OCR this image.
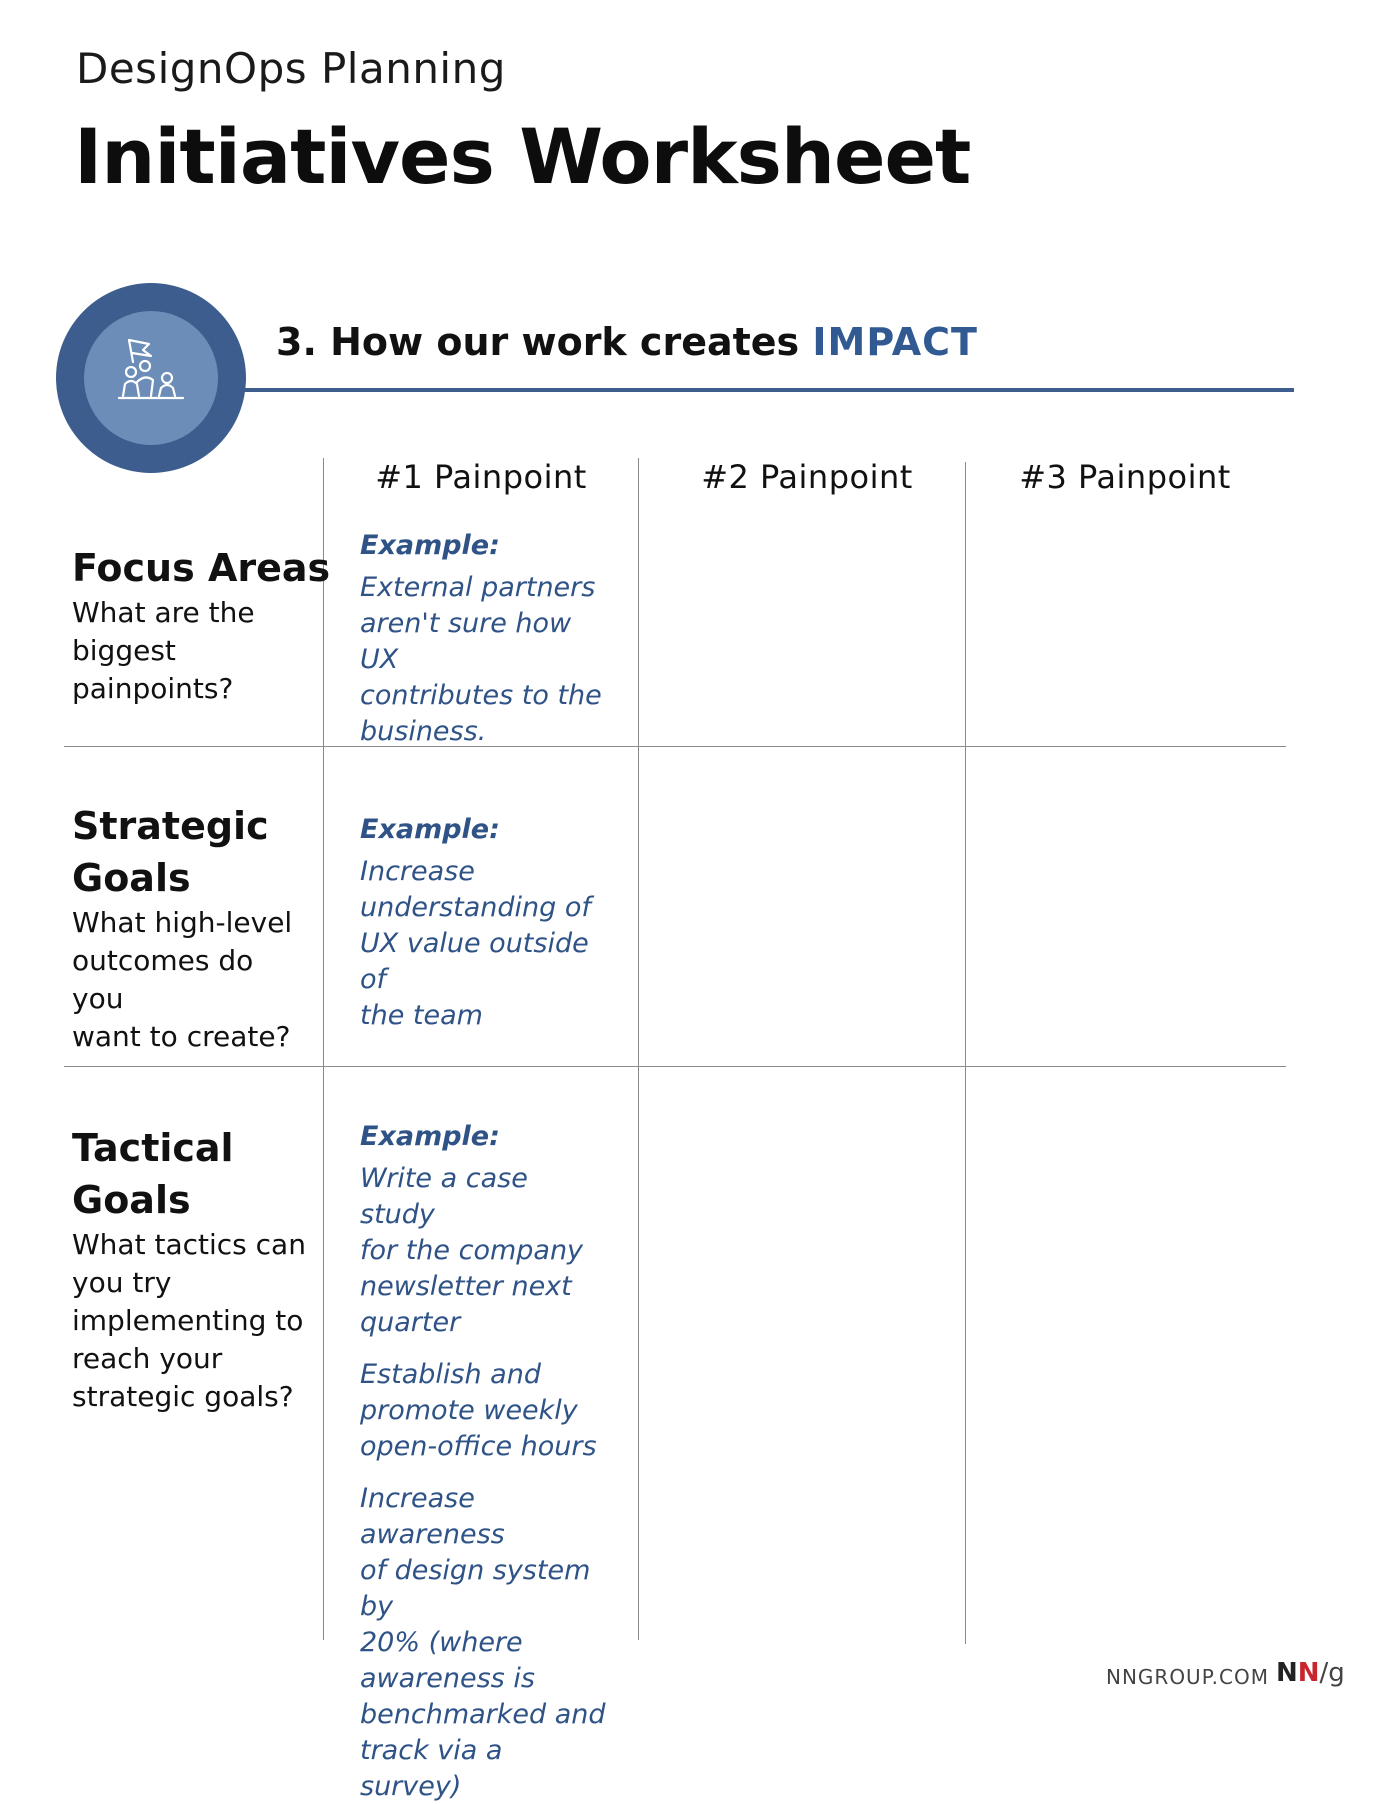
DesignOps Planning
Initiatives Worksheet
3. How our work creates IMPACT
#1 Painpoint	#2 Painpoint	#3 Painpoint
Focus Areas
What are the
biggest
painpoints?
Example:
External partners
aren't sure how UX
contributes to the
business.
Strategic
Goals
What high-level
outcomes do you
want to create?
Example:
Increase
understanding of
UX value outside of
the team
Tactical
Goals
What tactics can
you try
implementing to
reach your
strategic goals?
Example:
Write a case study
for the company
newsletter next
quarter
Establish and
promote weekly
open-office hours
Increase awareness
of design system by
20% (where
awareness is
benchmarked and
track via a survey)
NNGROUP.COM NN/g
